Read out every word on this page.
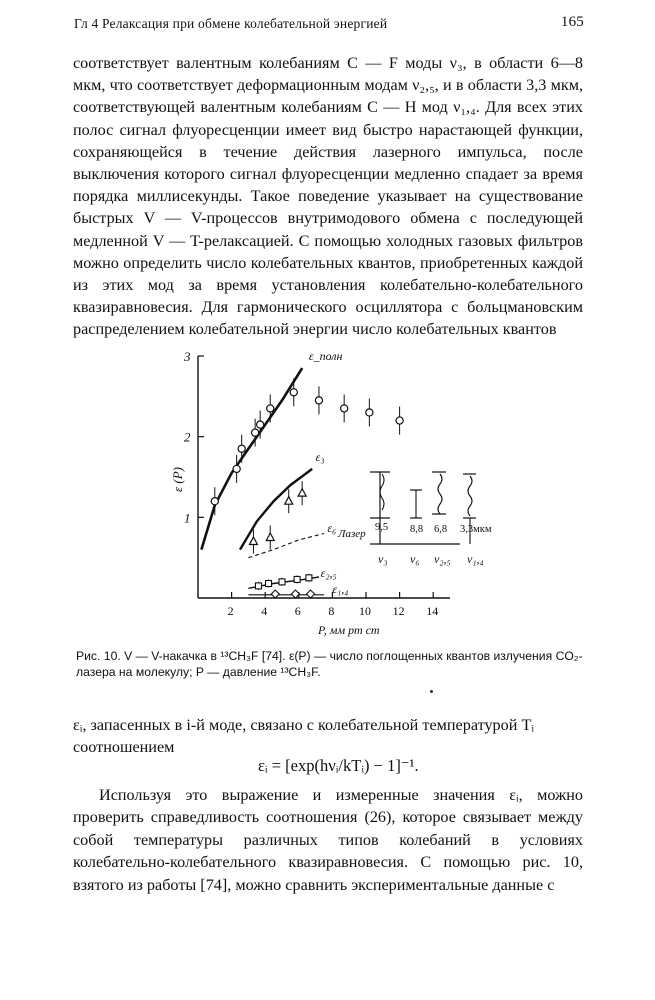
Гл 4 Релаксация при обмене колебательной энергией	165

соответствует валентным колебаниям C — F моды ν₃, в области 6—8 мкм, что соответствует деформационным модам ν₂,₅, и в области 3,3 мкм, соответствующей валентным колебаниям C — H мод ν₁,₄. Для всех этих полос сигнал флуоресценции имеет вид быстро нарастающей функции, сохраняющейся в течение действия лазерного импульса, после выключения которого сигнал флуоресценции медленно спадает за время порядка миллисекунды. Такое поведение указывает на существование быстрых V — V-процессов внутримодового обмена с последующей медленной V — T-релаксацией. С помощью холодных газовых фильтров можно определить число колебательных квантов, приобретенных каждой из этих мод за время установления колебательно-колебательного квазиравновесия. Для гармонического осциллятора с больцмановским распределением колебательной энергии число колебательных квантов

1
2
3
2 4 6 8 10 12 14
ε_полн
ε₃
ε₆
ε₂,₅
ε₁,₄
Лазер
9,5 8,8 6,8 3,3мкм
ν₃ ν₆ ν₂,₅ ν₁,₄
P, мм рт ст
ε (P)

Рис. 10. V — V-накачка в ¹³CH₃F [74]. ε(P) — число поглощенных квантов излучения CO₂-лазера на молекулу; P — давление ¹³CH₃F.

εᵢ, запасенных в i-й моде, связано с колебательной температурой Tᵢ соотношением

εᵢ = [exp(hνᵢ/kTᵢ) − 1]⁻¹.

Используя это выражение и измеренные значения εᵢ, можно проверить справедливость соотношения (26), которое связывает между собой температуры различных типов колебаний в условиях колебательно-колебательного квазиравновесия. С помощью рис. 10, взятого из работы [74], можно сравнить экспериментальные данные с
